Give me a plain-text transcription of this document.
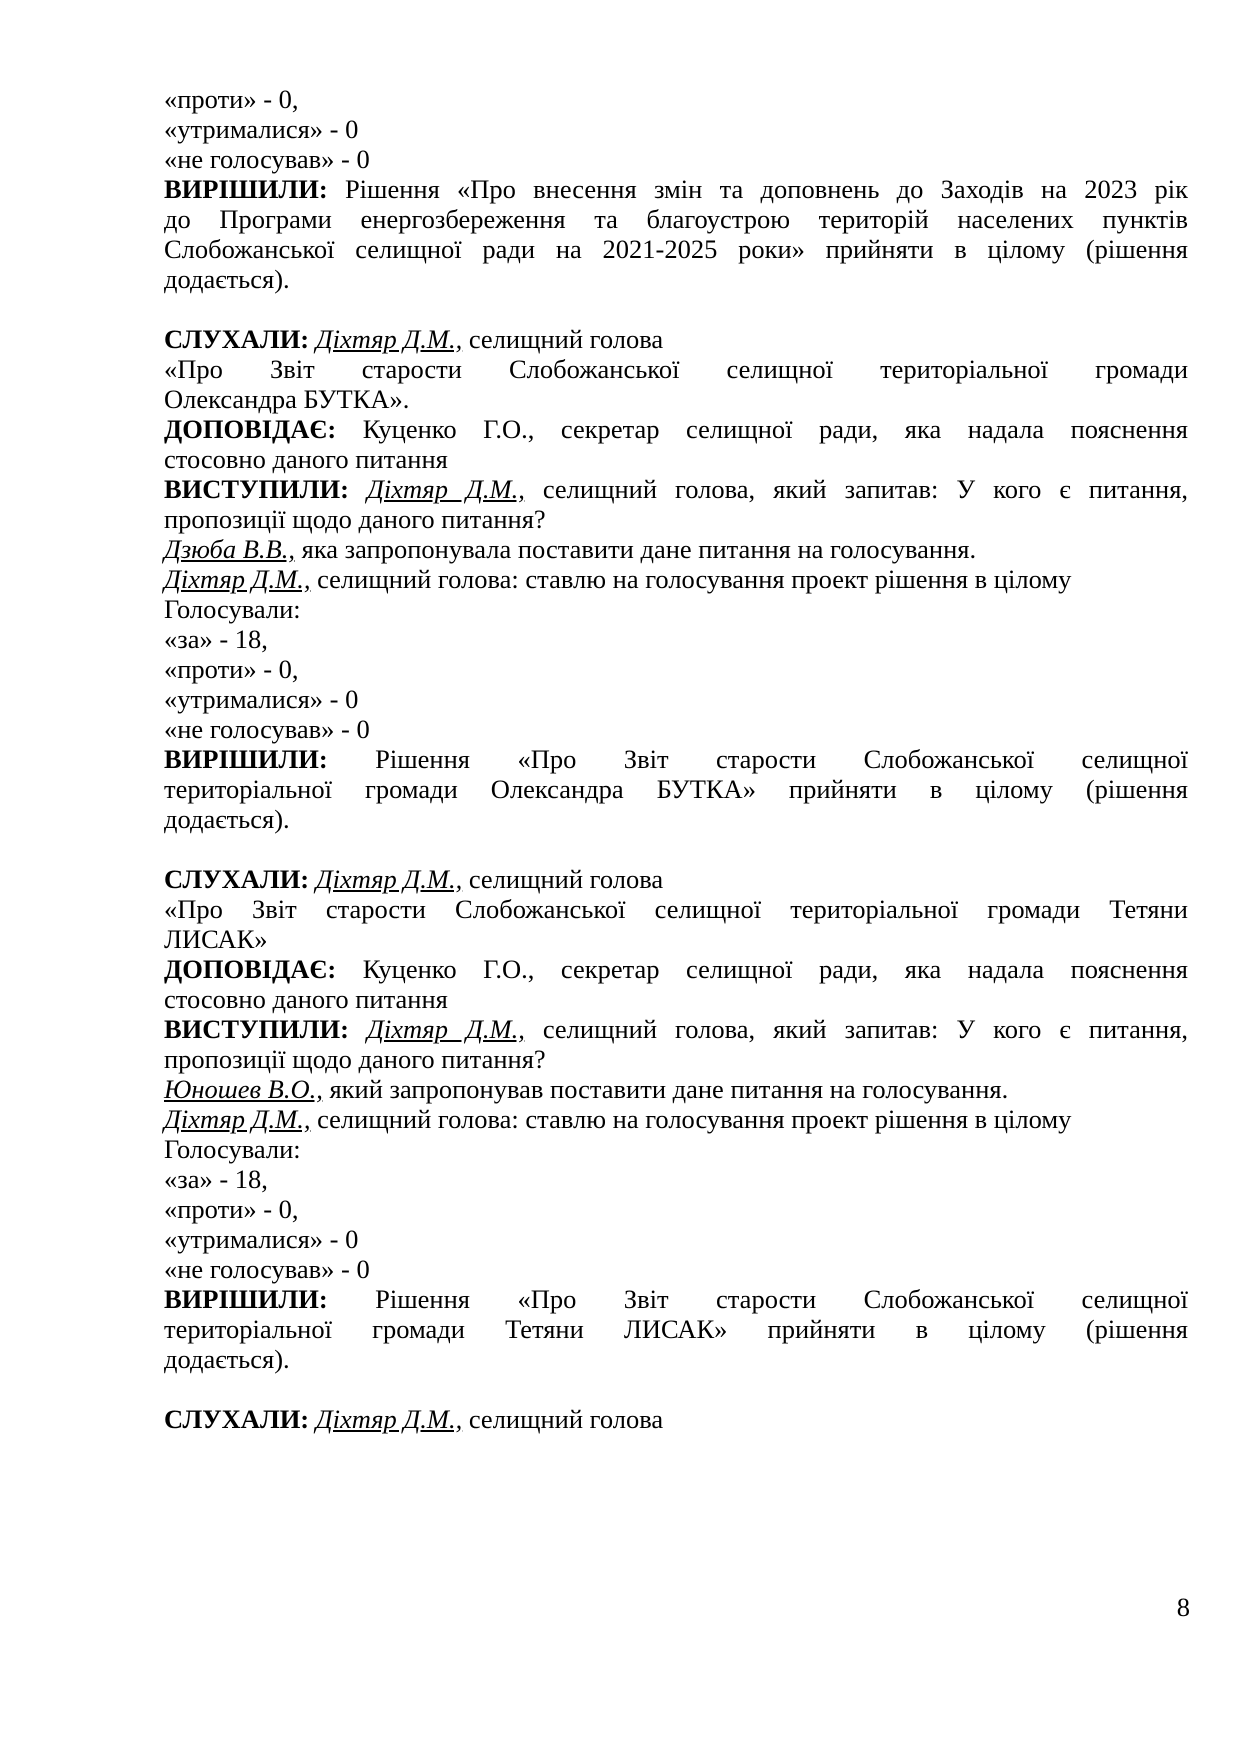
«проти» - 0,
«утрималися» - 0
«не голосував» - 0
ВИРІШИЛИ: Рішення «Про внесення змін та доповнень до Заходів на 2023 рік
до Програми енергозбереження та благоустрою територій населених пунктів
Слобожанської селищної ради на 2021-2025 роки» прийняти в цілому (рішення
додається).
СЛУХАЛИ: Діхтяр Д.М., селищний голова
«Про Звіт старости Слобожанської селищної територіальної громади
Олександра БУТКА».
ДОПОВІДАЄ: Куценко Г.О., секретар селищної ради, яка надала пояснення
стосовно даного питання
ВИСТУПИЛИ: Діхтяр Д.М., селищний голова, який запитав: У кого є питання,
пропозиції щодо даного питання?
Дзюба В.В., яка запропонувала поставити дане питання на голосування.
Діхтяр Д.М., селищний голова: ставлю на голосування проект рішення в цілому
Голосували:
«за» - 18,
«проти» - 0,
«утрималися» - 0
«не голосував» - 0
ВИРІШИЛИ: Рішення «Про Звіт старости Слобожанської селищної
територіальної громади Олександра БУТКА» прийняти в цілому (рішення
додається).
СЛУХАЛИ: Діхтяр Д.М., селищний голова
«Про Звіт старости Слобожанської селищної територіальної громади Тетяни
ЛИСАК»
ДОПОВІДАЄ: Куценко Г.О., секретар селищної ради, яка надала пояснення
стосовно даного питання
ВИСТУПИЛИ: Діхтяр Д.М., селищний голова, який запитав: У кого є питання,
пропозиції щодо даного питання?
Юношев В.О., який запропонував поставити дане питання на голосування.
Діхтяр Д.М., селищний голова: ставлю на голосування проект рішення в цілому
Голосували:
«за» - 18,
«проти» - 0,
«утрималися» - 0
«не голосував» - 0
ВИРІШИЛИ: Рішення «Про Звіт старости Слобожанської селищної
територіальної громади Тетяни ЛИСАК» прийняти в цілому (рішення
додається).
СЛУХАЛИ: Діхтяр Д.М., селищний голова
8
